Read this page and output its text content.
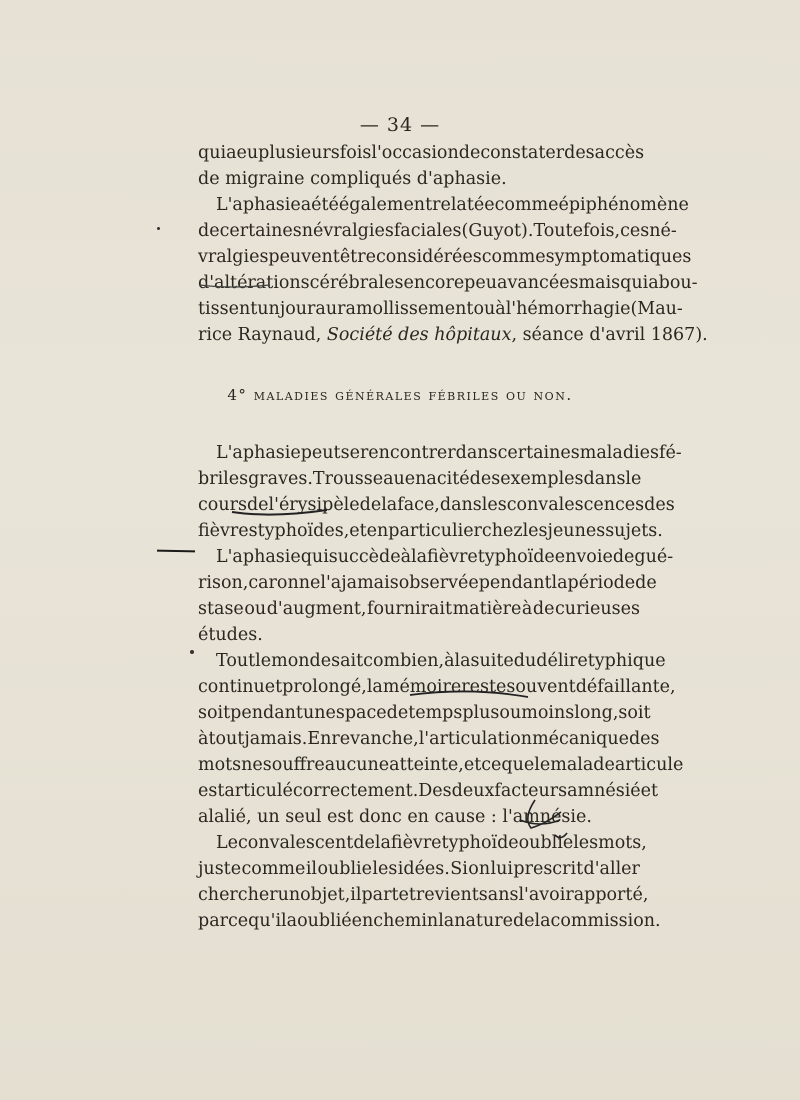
— 34 —
qui a eu plusieurs fois l'occasion de constater des accès
de migraine compliqués d'aphasie.
L'aphasie a été également relatée comme épiphénomène
de certaines névralgies faciales (Guyot). Toutefois, ces né-
vralgies peuvent être considérées comme symptomatiques
d'altérations cérébrales encore peu avancées mais qui abou-
tissent un jour au ramollissement ou à l'hémorrhagie (Mau-
rice Raynaud, Société des hôpitaux , séance d'avril 1867).
4° maladies générales fébriles ou non.
L'aphasie peut se rencontrer dans certaines maladies fé-
briles graves. Trousseau en a cité des exemples dans le
cours de l'érysipèle de la face, dans les convalescences des
fièvres typhoïdes, et en particulier chez les jeunes sujets.
L'aphasie qui succède à la fièvre typhoïde en voie de gué-
rison, car on ne l'a jamais observée pendant la période de
stase ou d'augment, fournirait matière à de curieuses
études.
Tout le monde sait combien, à la suite du délire typhique
continu et prolongé, la mémoire reste souvent défaillante,
soit pendant un espace de temps plus ou moins long, soit
à tout jamais. En revanche, l'articulation mécanique des
mots ne souffre aucune atteinte, et ce que le malade articule
est articulé correctement. Des deux facteurs amnésié et
alalié, un seul est donc en cause : l'amnésie.
Le convalescent de la fièvre typhoïde oublie les mots,
juste comme il oublie les idées. Si on lui prescrit d'aller
chercher un objet, il part et revient sans l'avoir apporté,
parce qu'il a oublié en chemin la nature de la commission.
